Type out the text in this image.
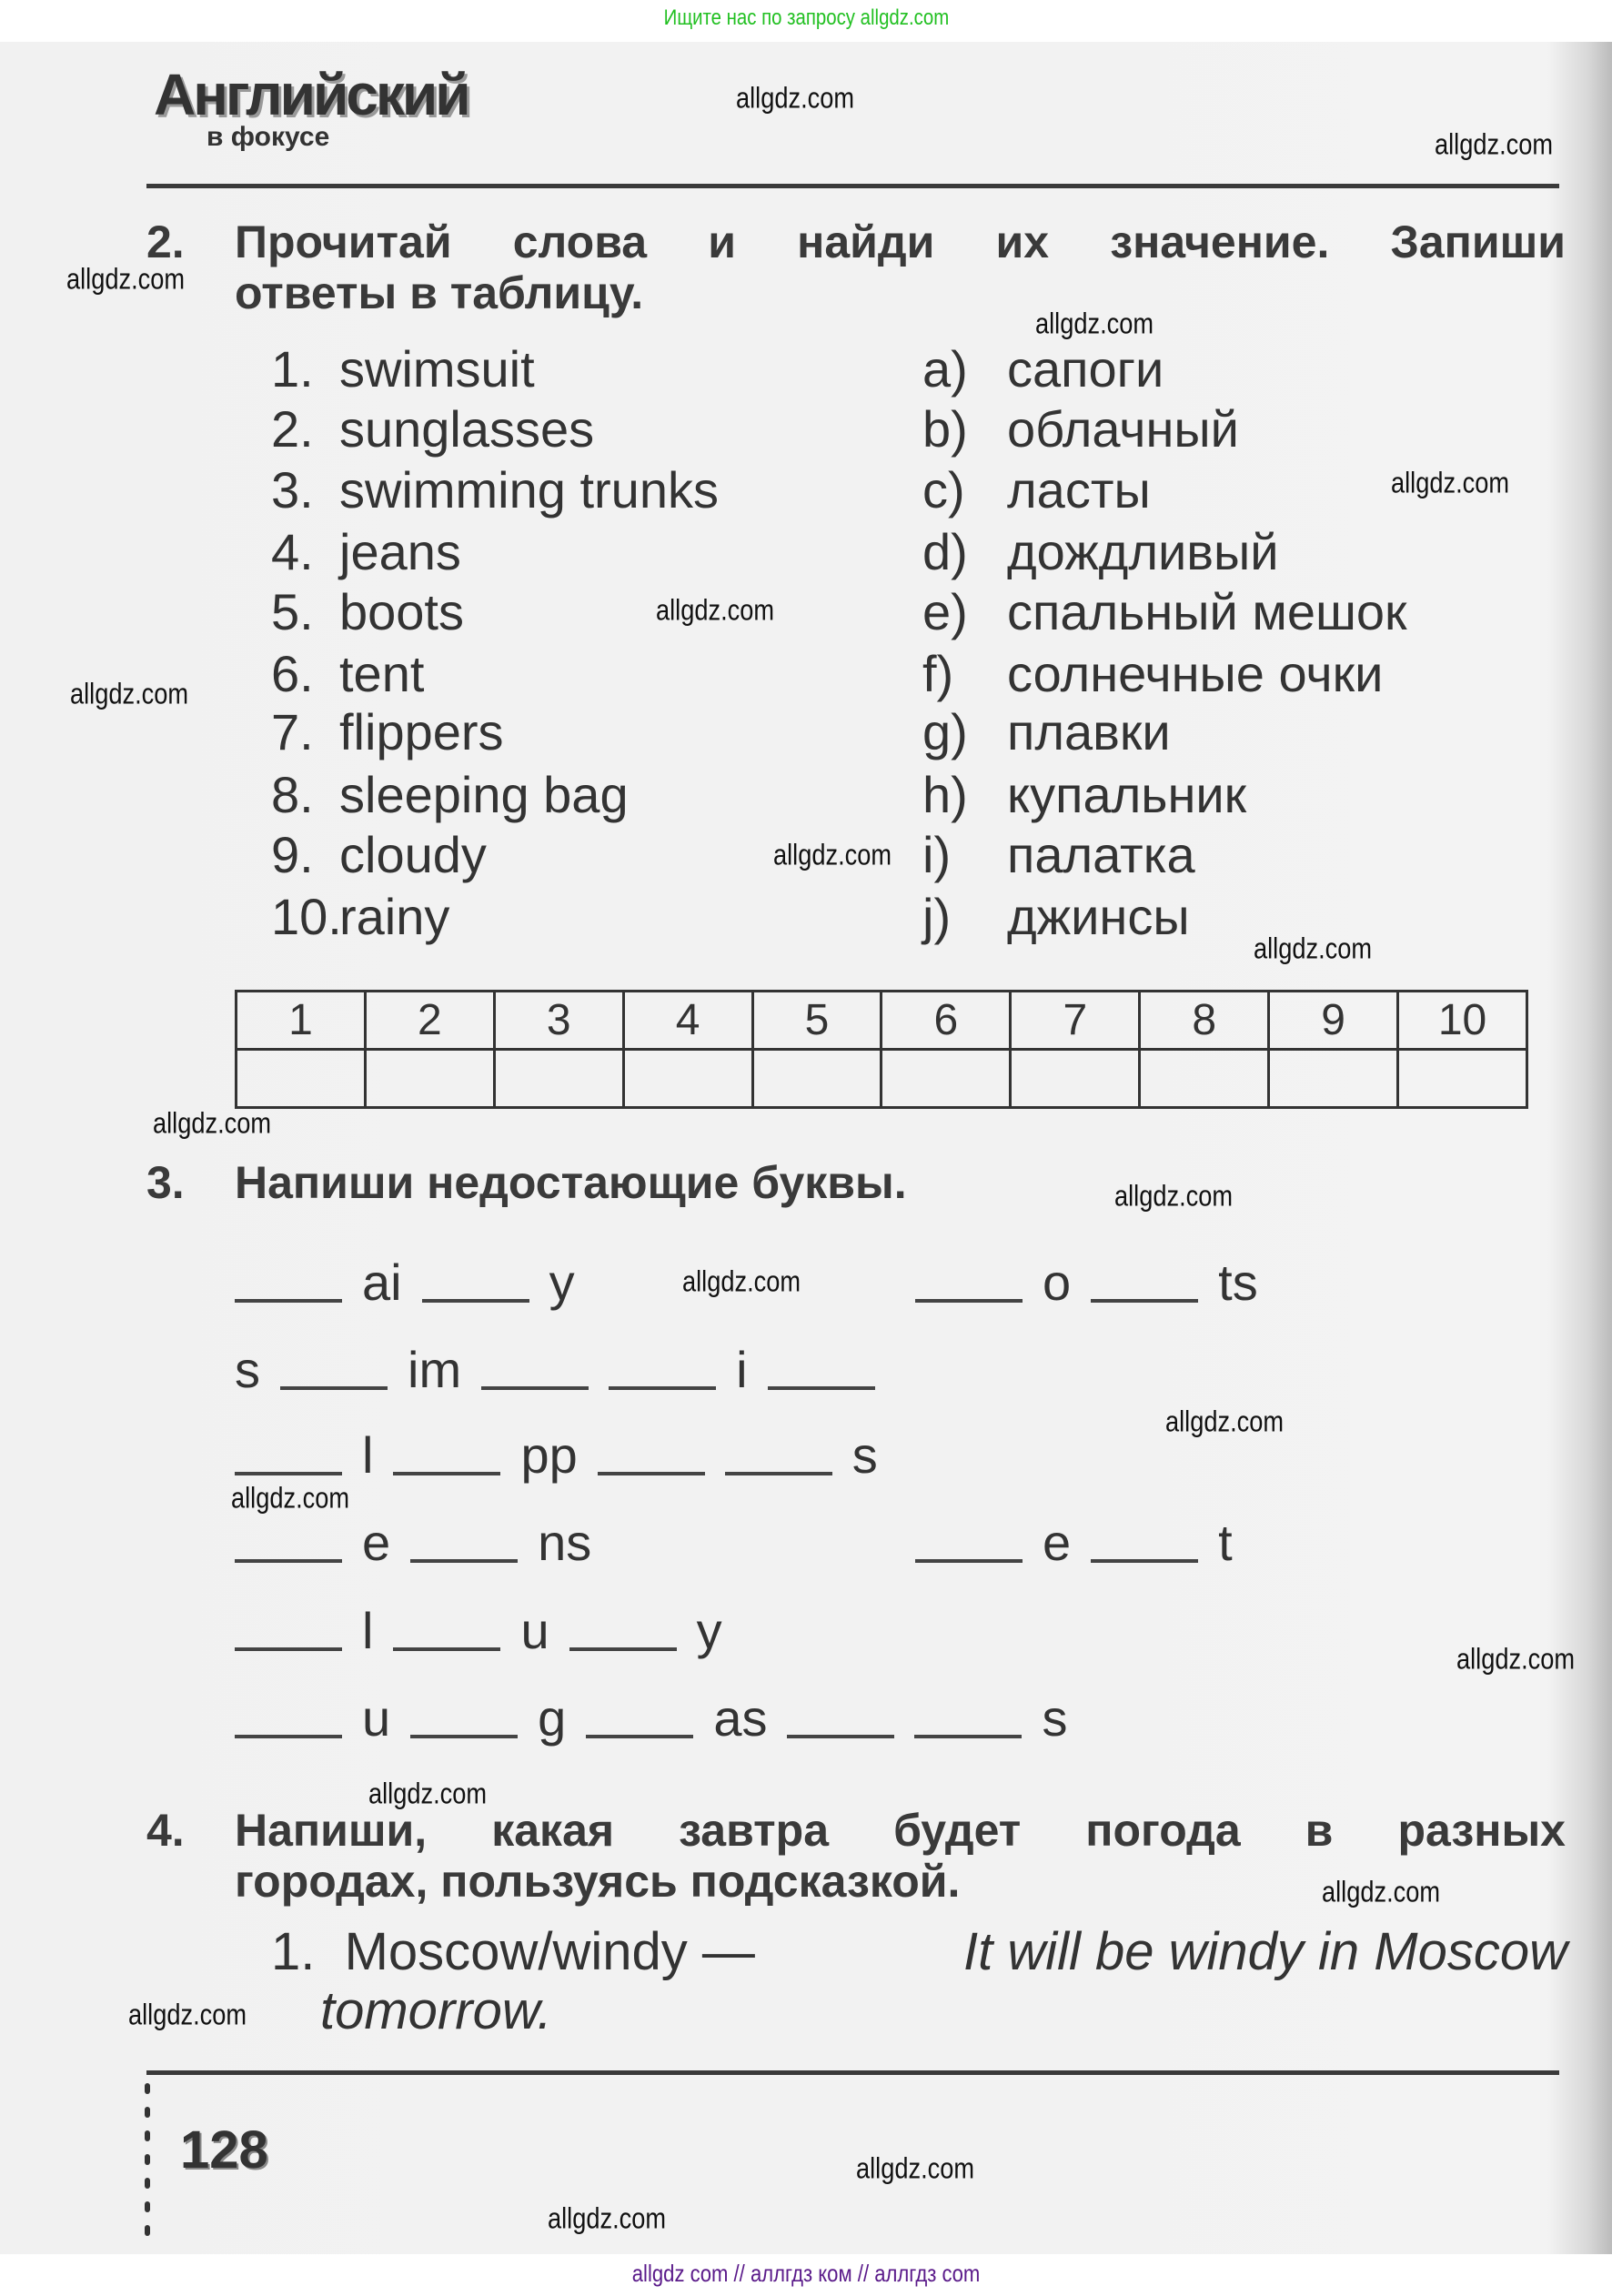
Ищите нас по запросу allgdz.com
Английский
в фокусе
2. Прочитай слова и найди их значение. Запиши
ответы в таблицу.
1. swimsuit
2. sunglasses
3. swimming trunks
4. jeans
5. boots
6. tent
7. flippers
8. sleeping bag
9. cloudy
10.rainy
a) сапоги
b) облачный
c) ласты
d) дождливый
e) спальный мешок
f) солнечные очки
g) плавки
h) купальник
i) палатка
j) джинсы
1	2	3	4	5	6	7	8	9	10

3. Напиши недостающие буквы.
ai	y	o	ts
s	im	i
l	pp	s
e	ns	e	t
l	u	y
u	g	as	s
4. Напиши, какая завтра будет погода в разных
городах, пользуясь подсказкой.
1. Moscow/windy —	It will be windy in Moscow
tomorrow.
128
allgdz.com
allgdz.com
allgdz.com
allgdz.com
allgdz.com
allgdz.com
allgdz.com
allgdz.com
allgdz.com
allgdz.com
allgdz.com
allgdz.com
allgdz.com
allgdz.com
allgdz.com
allgdz.com
allgdz.com
allgdz.com
allgdz.com
allgdz.com
allgdz com // аллгдз ком // аллгдз com
